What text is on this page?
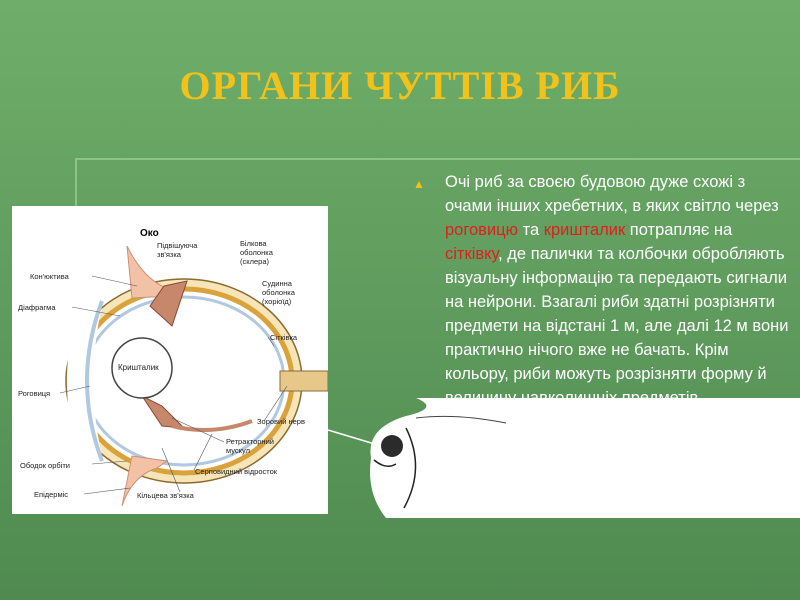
ОРГАНИ ЧУТТІВ РИБ
Око
Підвішуюча зв'язка
Білкова оболонка (склера)
Судинна оболонка (хоріоїд)
Сітківка
Кон'юктива
Діафрагма
Кришталик
Роговиця
Зоровий нерв
Ретракторний мускул
Серповидний відросток
Ободок орбіти
Епідерміс	Кільцева зв'язка
▲ Очі риб за своєю будовою дуже схожі з очами інших хребетних, в яких світло через роговицю та кришталик потрапляє на сітківку, де палички та колбочки обробляють візуальну інформацію та передають сигнали на нейрони. Взагалі риби здатні розрізняти предмети на відстані 1 м, але далі 12 м вони практично нічого вже не бачать. Крім кольору, риби можуть розрізняти форму й
